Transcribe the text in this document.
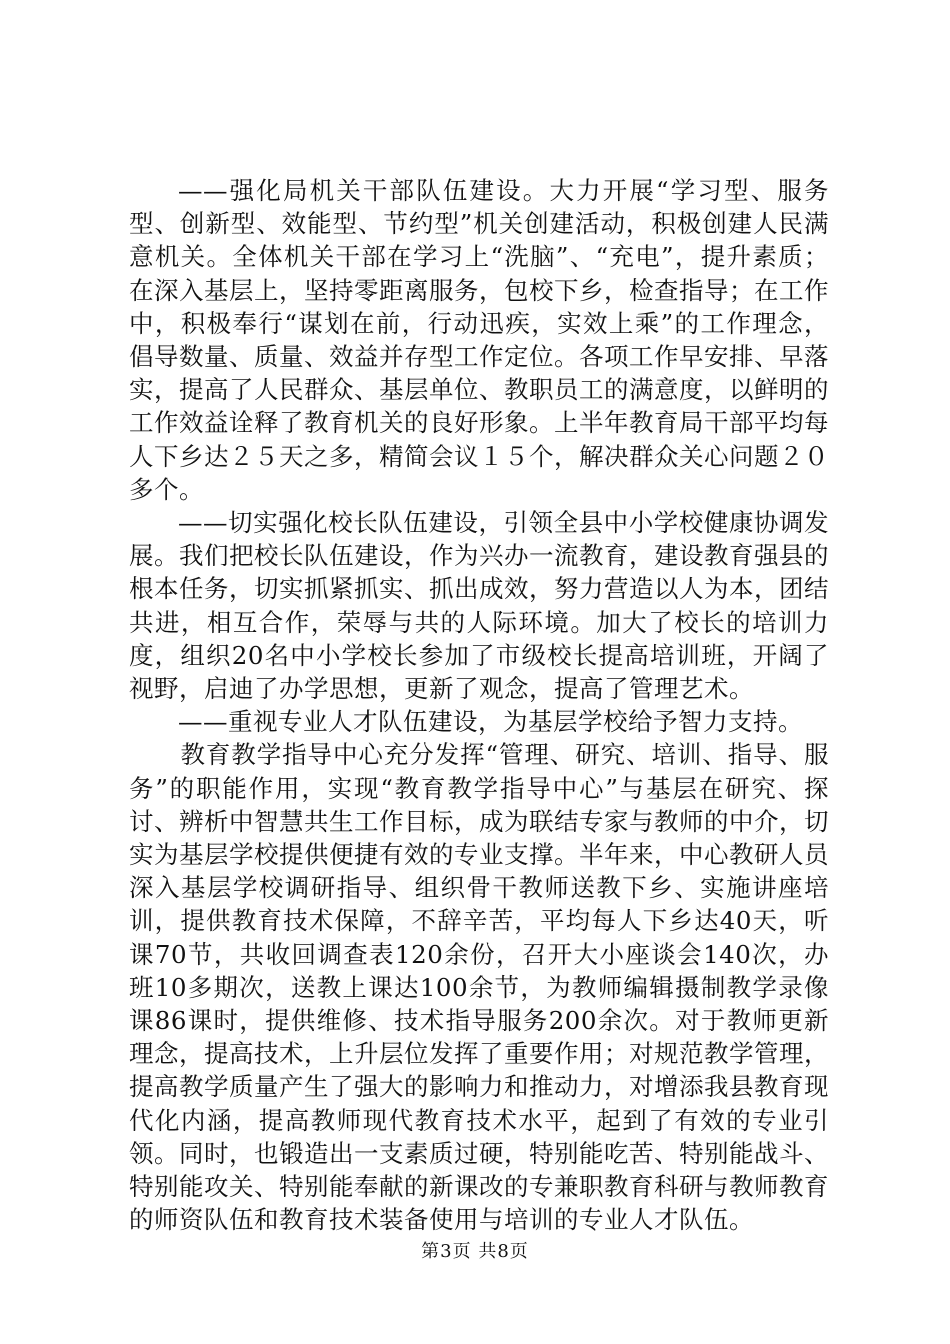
——强化局机关干部队伍建设。大力开展“学习型、服务型、创新型、效能型、节约型”机关创建活动，积极创建人民满意机关。全体机关干部在学习上“洗脑”、“充电”，提升素质；在深入基层上，坚持零距离服务，包校下乡，检查指导；在工作中，积极奉行“谋划在前，行动迅疾，实效上乘”的工作理念，倡导数量、质量、效益并存型工作定位。各项工作早安排、早落实，提高了人民群众、基层单位、教职员工的满意度，以鲜明的工作效益诠释了教育机关的良好形象。上半年教育局干部平均每人下乡达２５天之多，精简会议１５个，解决群众关心问题２０多个。

——切实强化校长队伍建设，引领全县中小学校健康协调发展。我们把校长队伍建设，作为兴办一流教育，建设教育强县的根本任务，切实抓紧抓实、抓出成效，努力营造以人为本，团结共进，相互合作，荣辱与共的人际环境。加大了校长的培训力度，组织20名中小学校长参加了市级校长提高培训班，开阔了视野，启迪了办学思想，更新了观念，提高了管理艺术。

——重视专业人才队伍建设，为基层学校给予智力支持。

教育教学指导中心充分发挥“管理、研究、培训、指导、服务”的职能作用，实现“教育教学指导中心”与基层在研究、探讨、辨析中智慧共生工作目标，成为联结专家与教师的中介，切实为基层学校提供便捷有效的专业支撑。半年来，中心教研人员深入基层学校调研指导、组织骨干教师送教下乡、实施讲座培训，提供教育技术保障，不辞辛苦，平均每人下乡达40天，听课70节，共收回调查表120余份，召开大小座谈会140次，办班10多期次，送教上课达100余节，为教师编辑摄制教学录像课86课时，提供维修、技术指导服务200余次。对于教师更新理念，提高技术，上升层位发挥了重要作用；对规范教学管理，提高教学质量产生了强大的影响力和推动力，对增添我县教育现代化内涵，提高教师现代教育技术水平，起到了有效的专业引领。同时，也锻造出一支素质过硬，特别能吃苦、特别能战斗、特别能攻关、特别能奉献的新课改的专兼职教育科研与教师教育的师资队伍和教育技术装备使用与培训的专业人才队伍。

第3页 共8页
